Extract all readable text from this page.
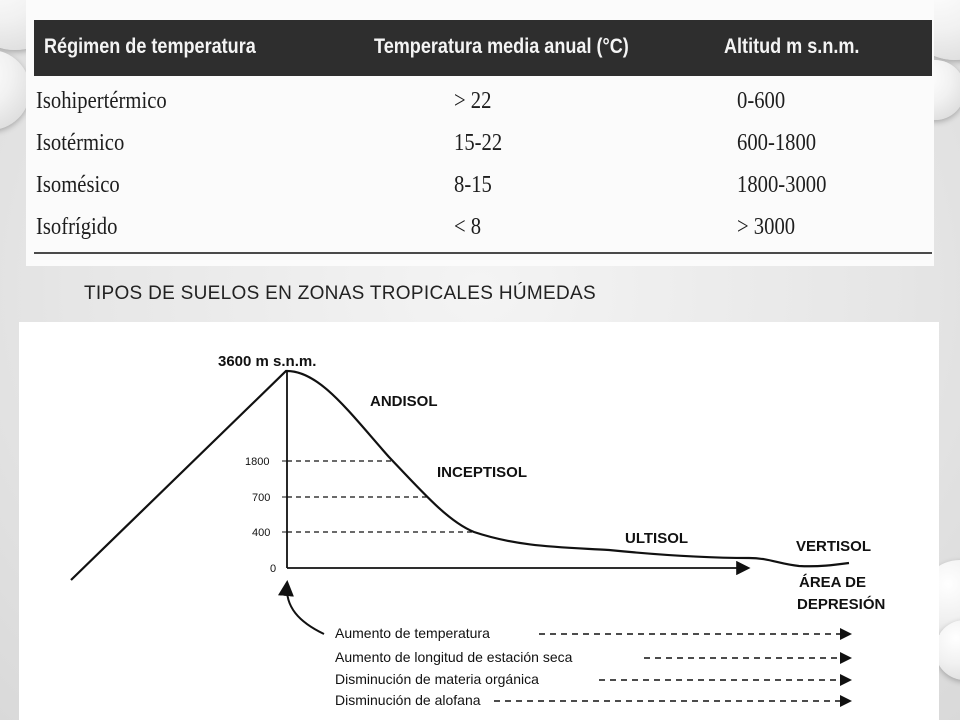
Régimen de temperatura	Temperatura media anual (°C)	Altitud m s.n.m.
Isohipertérmico	> 22	0-600
Isotérmico	15-22	600-1800
Isomésico	8-15	1800-3000
Isofrígido	< 8	> 3000
TIPOS DE SUELOS EN ZONAS TROPICALES HÚMEDAS
1800
700
400
0
3600 m s.n.m.
ANDISOL
INCEPTISOL
ULTISOL	VERTISOL
ÁREA DE
DEPRESIÓN
Aumento de temperatura
Aumento de longitud de estación seca
Disminución de materia orgánica
Disminución de alofana
